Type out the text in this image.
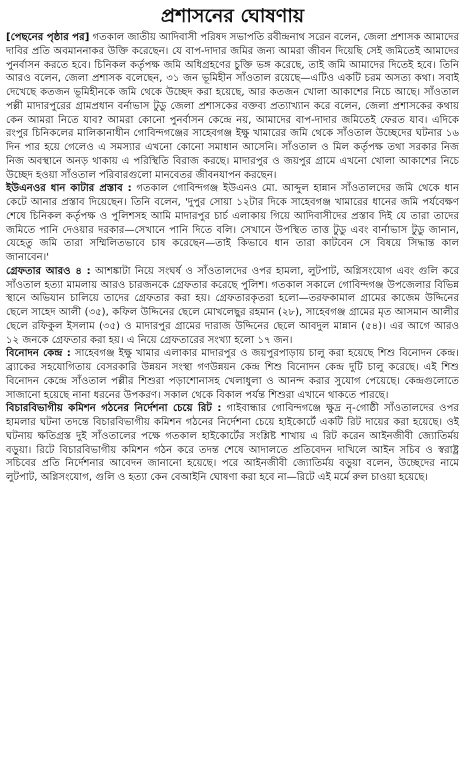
প্রশাসনের ঘোষণায়

[পেছনের পৃষ্ঠার পর] গতকাল জাতীয় আদিবাসী পরিষদ সভাপতি রবীন্দ্রনাথ সরেন বলেন, জেলা প্রশাসক আমাদের দাবির প্রতি অবমাননাকর উক্তি করেছেন। যে বাপ-দাদার জমির জন্য আমরা জীবন দিয়েছি সেই জমিতেই আমাদের পুনর্বাসন করতে হবে। চিনিকল কর্তৃপক্ষ জমি অধিগ্রহণের চুক্তি ভঙ্গ করেছে, তাই জমি আমাদের দিতেই হবে। তিনি আরও বলেন, জেলা প্রশাসক বলেছেন, ৩১ জন ভূমিহীন সাঁওতাল রয়েছে—এটিও একটি চরম অসত্য কথা। সবাই দেখেছে কতজন ভূমিহীনকে জমি থেকে উচ্ছেদ করা হয়েছে, আর কতজন খোলা আকাশের নিচে আছে। সাঁওতাল পল্লী মাদারপুরের গ্রামপ্রধান বর্নাভাস টুডু জেলা প্রশাসকের বক্তব্য প্রত্যাখ্যান করে বলেন, জেলা প্রশাসকের কথায় কেন আমরা নিতে যাব? আমরা কোনো পুনর্বাসন কেন্দ্রে নয়, আমাদের বাপ-দাদার জমিতেই ফেরত যাব। এদিকে রংপুর চিনিকলের মালিকানাধীন গোবিন্দগঞ্জের সাহেবগঞ্জ ইক্ষু খামারের জমি থেকে সাঁওতাল উচ্ছেদের ঘটনার ১৬ দিন পার হয়ে গেলেও এ সমস্যার এখনো কোনো সমাধান আসেনি। সাঁওতাল ও মিল কর্তৃপক্ষ তথা সরকার নিজ নিজ অবস্থানে অনড় থাকায় এ পরিস্থিতি বিরাজ করছে। মাদারপুর ও জয়পুর গ্রামে এখনো খোলা আকাশের নিচে উচ্ছেদ হওয়া সাঁওতাল পরিবারগুলো মানবেতর জীবনযাপন করছেন।

ইউএনওর ধান কাটার প্রস্তাব : গতকাল গোবিন্দগঞ্জ ইউএনও মো. আব্দুল হান্নান সাঁওতালদের জমি থেকে ধান কেটে আনার প্রস্তাব দিয়েছেন। তিনি বলেন, 'দুপুর সোয়া ১২টার দিকে সাহেবগঞ্জ খামারের ধানের জমি পর্যবেক্ষণ শেষে চিনিকল কর্তৃপক্ষ ও পুলিশসহ আমি মাদারপুর চার্চ এলাকায় গিয়ে আদিবাসীদের প্রস্তাব দিই যে তারা তাদের জমিতে পানি দেওয়ার দরকার—সেখানে পানি দিতে বলি। সেখানে উপস্থিত তাত্ত টুডু এবং বার্নাভাস টুডু জানান, যেহেতু জমি তারা সম্মিলিতভাবে চাষ করেছেন—তাই কিভাবে ধান তারা কাটবেন সে বিষয়ে সিদ্ধান্ত কাল জানাবেন।'

গ্রেফতার আরও ৪ : আশঙ্কাটা নিয়ে সংঘর্ষ ও সাঁওতালদের ওপর হামলা, লুটপাট, অগ্নিসংযোগ এবং গুলি করে সাঁওতাল হত্যা মামলায় আরও চারজনকে গ্রেফতার করেছে পুলিশ। গতকাল সকালে গোবিন্দগঞ্জ উপজেলার বিভিন্ন স্থানে অভিযান চালিয়ে তাদের গ্রেফতার করা হয়। গ্রেফতারকৃতরা হলো—তরফকামাল গ্রামের কাজেম উদ্দিনের ছেলে সাহেদ আলী (৩৫), কফিল উদ্দিনের ছেলে মোখলেছুর রহমান (২৮), সাহেবগঞ্জ গ্রামের মৃত আসমান আলীর ছেলে রফিকুল ইসলাম (৩৫) ও মাদারপুর গ্রামের দারাজ উদ্দিনের ছেলে আবদুল মান্নান (৫৪)। এর আগে আরও ১২ জনকে গ্রেফতার করা হয়। এ নিয়ে গ্রেফতারের সংখ্যা হলো ১৭ জন।

বিনোদন কেন্দ্র : সাহেবগঞ্জ ইক্ষু খামার এলাকার মাদারপুর ও জয়পুরপাড়ায় চালু করা হয়েছে শিশু বিনোদন কেন্দ্র। ব্র্যাকের সহযোগিতায় বেসরকারি উন্নয়ন সংস্থা গণউন্নয়ন কেন্দ্র শিশু বিনোদন কেন্দ্র দুটি চালু করেছে। এই শিশু বিনোদন কেন্দ্রে সাঁওতাল পল্লীর শিশুরা পড়াশোনাসহ খেলাধুলা ও আনন্দ করার সুযোগ পেয়েছে। কেন্দ্রগুলোতে সাজানো হয়েছে নানা ধরনের উপকরণ। সকাল থেকে বিকাল পর্যন্ত শিশুরা এখানে থাকতে পারছে।

বিচারবিভাগীয় কমিশন গঠনের নির্দেশনা চেয়ে রিট : গাইবান্ধার গোবিন্দগঞ্জে ক্ষুদ্র নৃ-গোষ্ঠী সাঁওতালদের ওপর হামলার ঘটনা তদন্তে বিচারবিভাগীয় কমিশন গঠনের নির্দেশনা চেয়ে হাইকোর্টে একটি রিট দায়ের করা হয়েছে। ওই ঘটনায় ক্ষতিগ্রস্ত দুই সাঁওতালের পক্ষে গতকাল হাইকোর্টের সংশ্লিষ্ট শাখায় এ রিট করেন আইনজীবী জ্যোতির্ময় বড়ুয়া। রিটে বিচারবিভাগীয় কমিশন গঠন করে তদন্ত শেষে আদালতে প্রতিবেদন দাখিলে আইন সচিব ও স্বরাষ্ট্র সচিবের প্রতি নির্দেশনার আবেদন জানানো হয়েছে। পরে আইনজীবী জ্যোতির্ময় বড়ুয়া বলেন, উচ্ছেদের নামে লুটপাট, অগ্নিসংযোগ, গুলি ও হত্যা কেন বেআইনি ঘোষণা করা হবে না—রিটে এই মর্মে রুল চাওয়া হয়েছে।
